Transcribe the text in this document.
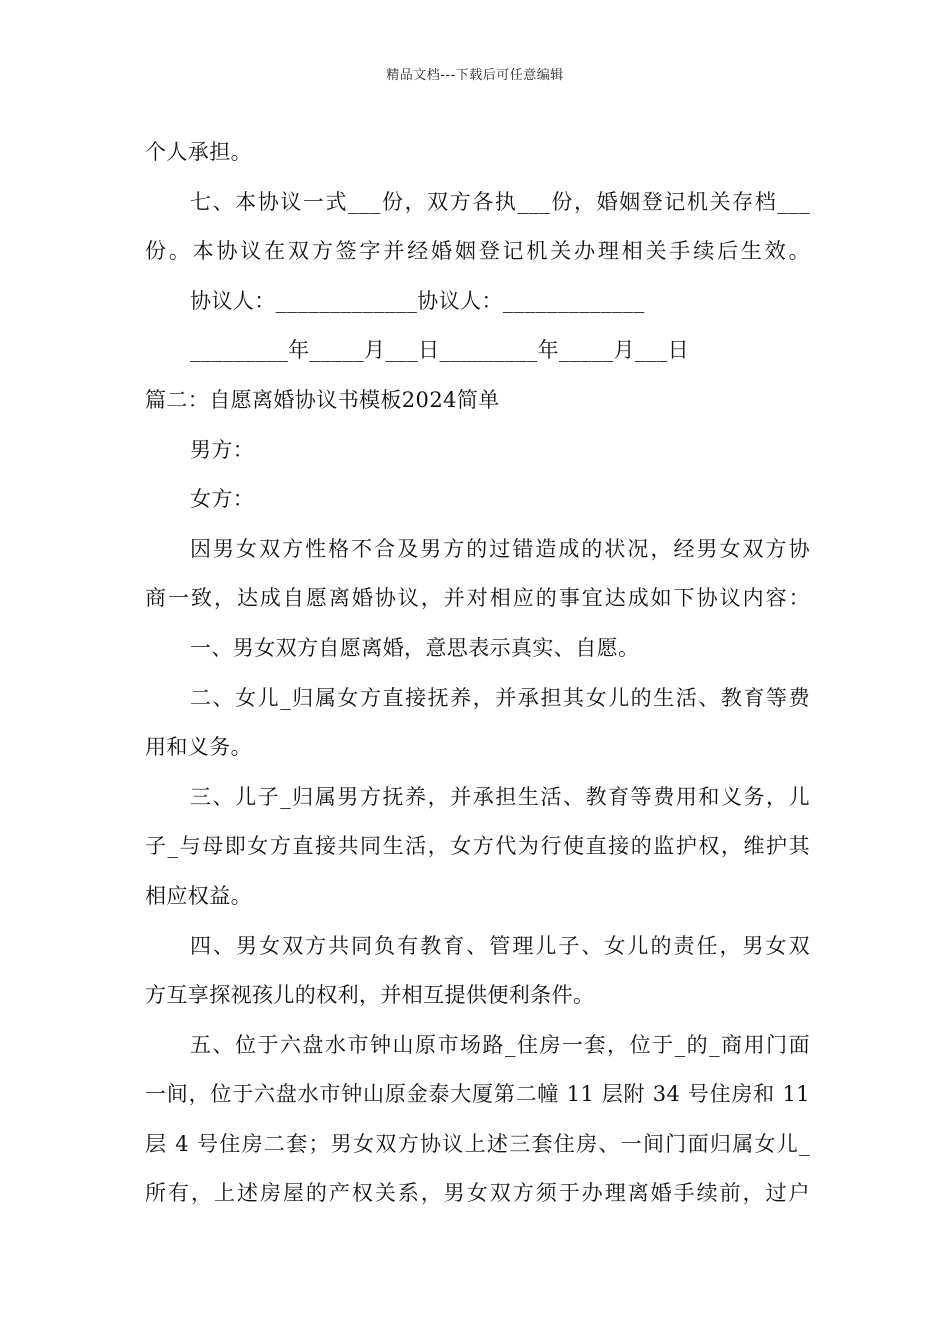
精品文档---下载后可任意编辑
个人承担。
七、本协议一式___份，双方各执___份，婚姻登记机关存档___
份。本协议在双方签字并经婚姻登记机关办理相关手续后生效。
协议人：_____________协议人：_____________
_________年_____月___日_________年_____月___日
篇二：自愿离婚协议书模板2024简单
男方：
女方：
因男女双方性格不合及男方的过错造成的状况，经男女双方协
商一致，达成自愿离婚协议，并对相应的事宜达成如下协议内容：
一、男女双方自愿离婚，意思表示真实、自愿。
二、女儿_归属女方直接抚养，并承担其女儿的生活、教育等费
用和义务。
三、儿子_归属男方抚养，并承担生活、教育等费用和义务，儿
子_与母即女方直接共同生活，女方代为行使直接的监护权，维护其
相应权益。
四、男女双方共同负有教育、管理儿子、女儿的责任，男女双
方互享探视孩儿的权利，并相互提供便利条件。
五、位于六盘水市钟山原市场路_住房一套，位于_的_商用门面
一间，位于六盘水市钟山原金泰大厦第二幢 11 层附 34 号住房和 11
层 4 号住房二套；男女双方协议上述三套住房、一间门面归属女儿_
所有，上述房屋的产权关系，男女双方须于办理离婚手续前，过户
